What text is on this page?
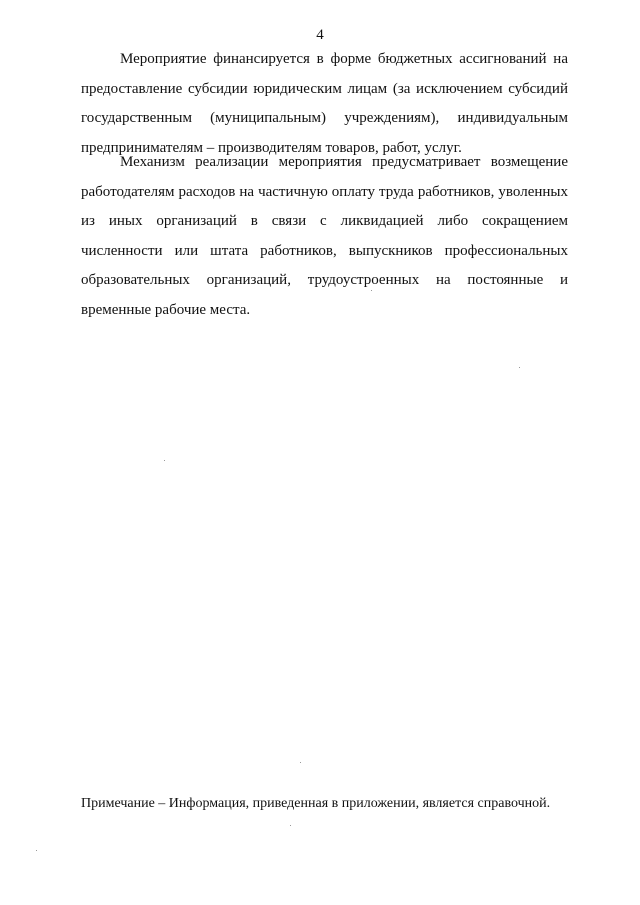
4

Мероприятие финансируется в форме бюджетных ассигнований на предоставление субсидии юридическим лицам (за исключением субсидий государственным (муниципальным) учреждениям), индивидуальным предпринимателям – производителям товаров, работ, услуг.

Механизм реализации мероприятия предусматривает возмещение работодателям расходов на частичную оплату труда работников, уволенных из иных организаций в связи с ликвидацией либо сокращением численности или штата работников, выпускников профессиональных образовательных организаций, трудоустроенных на постоянные и временные рабочие места.

Примечание – Информация, приведенная в приложении, является справочной.
